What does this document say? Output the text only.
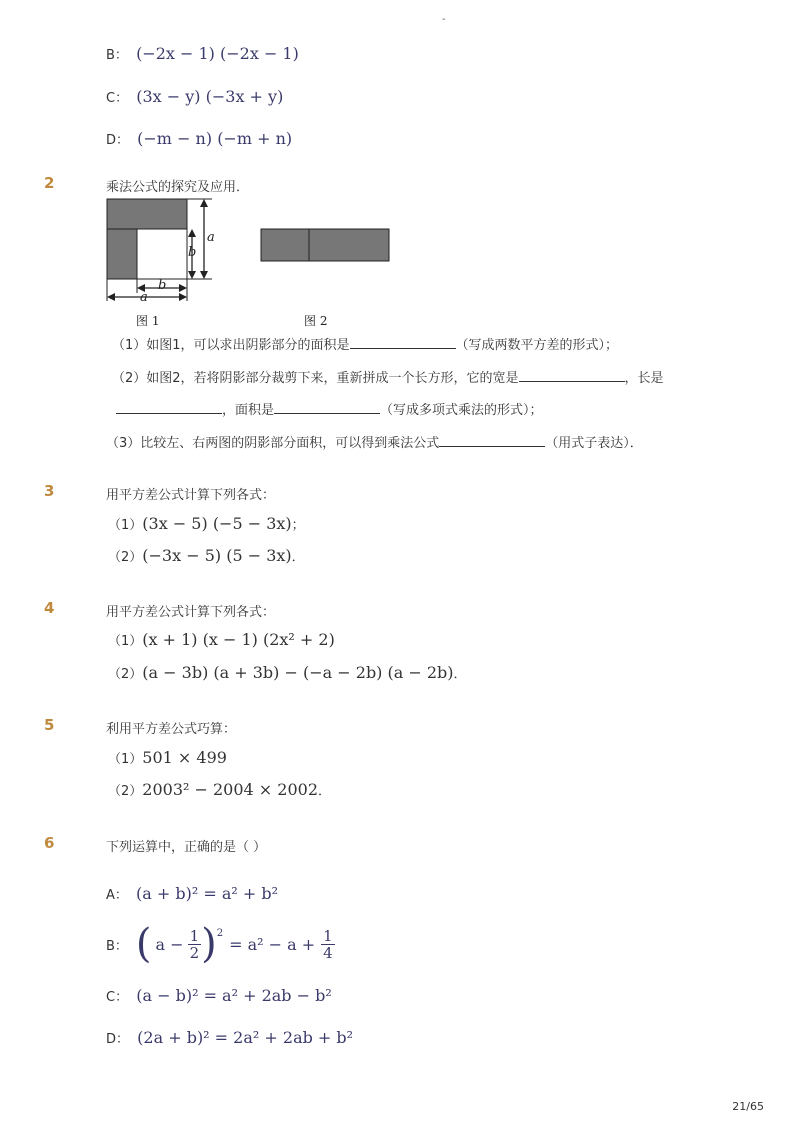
-
B： (−2x − 1) (−2x − 1)
C： (3x − y) (−3x + y)
D： (−m − n) (−m + n)
2	乘法公式的探究及应用．
a
b
b
a
图 1	图 2
（1）如图1，可以求出阴影部分的面积是	（写成两数平方差的形式）；
（2）如图2，若将阴影部分裁剪下来，重新拼成一个长方形，它的宽是	，长是
，面积是	（写成多项式乘法的形式）；
（3）比较左、右两图的阴影部分面积，可以得到乘法公式	（用式子表达）．
3	用平方差公式计算下列各式：
（1）(3x − 5) (−5 − 3x)；
（2）(−3x − 5) (5 − 3x)．
4	用平方差公式计算下列各式：
（1）(x + 1) (x − 1) (2x² + 2)
（2）(a − 3b) (a + 3b) − (−a − 2b) (a − 2b)．
5	利用平方差公式巧算：
（1）501 × 499
（2）2003² − 2004 × 2002．
6	下列运算中，正确的是（ ）
A： (a + b)² = a² + b²
B： ( $a - \frac{1}{2} )^2$
= $a^2 - a + \frac{1}{4}$
C： (a − b)² = a² + 2ab − b²
D： (2a + b)² = 2a² + 2ab + b²
21/65
